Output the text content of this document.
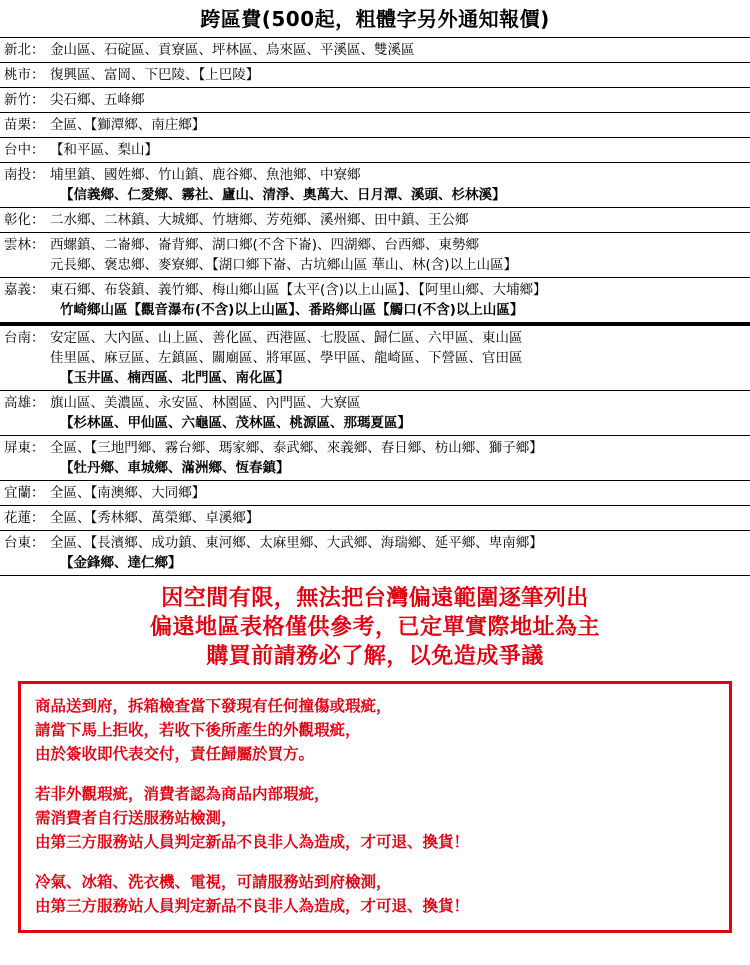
跨區費(500起，粗體字另外通知報價)
新北： 金山區、石碇區、貢寮區、坪林區、烏來區、平溪區、雙溪區
桃市： 復興區、富岡、下巴陵、【上巴陵】
新竹： 尖石鄉、五峰鄉
苗栗： 全區、【獅潭鄉、南庄鄉】
台中： 【和平區、梨山】
南投： 埔里鎮、國姓鄉、竹山鎮、鹿谷鄉、魚池鄉、中寮鄉
【信義鄉、仁愛鄉、霧社、廬山、清淨、奧萬大、日月潭、溪頭、杉林溪】
彰化： 二水鄉、二林鎮、大城鄉、竹塘鄉、芳苑鄉、溪州鄉、田中鎮、王公鄉
雲林： 西螺鎮、二崙鄉、崙背鄉、湖口鄉(不含下崙)、四湖鄉、台西鄉、東勢鄉
元長鄉、褒忠鄉、麥寮鄉、【湖口鄉下崙、古坑鄉山區 華山、林(含)以上山區】
嘉義： 東石鄉、布袋鎮、義竹鄉、梅山鄉山區【太平(含)以上山區】、【阿里山鄉、大埔鄉】
竹崎鄉山區【觀音瀑布(不含)以上山區】、番路鄉山區【觸口(不含)以上山區】
台南： 安定區、大內區、山上區、善化區、西港區、七股區、歸仁區、六甲區、東山區
佳里區、麻豆區、左鎮區、關廟區、將軍區、學甲區、龍崎區、下營區、官田區
【玉井區、楠西區、北門區、南化區】
高雄： 旗山區、美濃區、永安區、林園區、內門區、大寮區
【杉林區、甲仙區、六龜區、茂林區、桃源區、那瑪夏區】
屏東： 全區、【三地門鄉、霧台鄉、瑪家鄉、泰武鄉、來義鄉、春日鄉、枋山鄉、獅子鄉】
【牡丹鄉、車城鄉、滿洲鄉、恆春鎮】
宜蘭： 全區、【南澳鄉、大同鄉】
花蓮： 全區、【秀林鄉、萬榮鄉、卓溪鄉】
台東： 全區、【長濱鄉、成功鎮、東河鄉、太麻里鄉、大武鄉、海瑞鄉、延平鄉、卑南鄉】
【金鋒鄉、達仁鄉】
因空間有限，無法把台灣偏遠範圍逐筆列出
偏遠地區表格僅供參考，已定單實際地址為主
購買前請務必了解，以免造成爭議

商品送到府，拆箱檢查當下發現有任何撞傷或瑕疵，
請當下馬上拒收，若收下後所產生的外觀瑕疵，
由於簽收即代表交付，責任歸屬於買方。

若非外觀瑕疵，消費者認為商品内部瑕疵，
需消費者自行送服務站檢測，
由第三方服務站人員判定新品不良非人為造成，才可退、換貨！

冷氣、冰箱、洗衣機、電視，可請服務站到府檢測，
由第三方服務站人員判定新品不良非人為造成，才可退、換貨！
